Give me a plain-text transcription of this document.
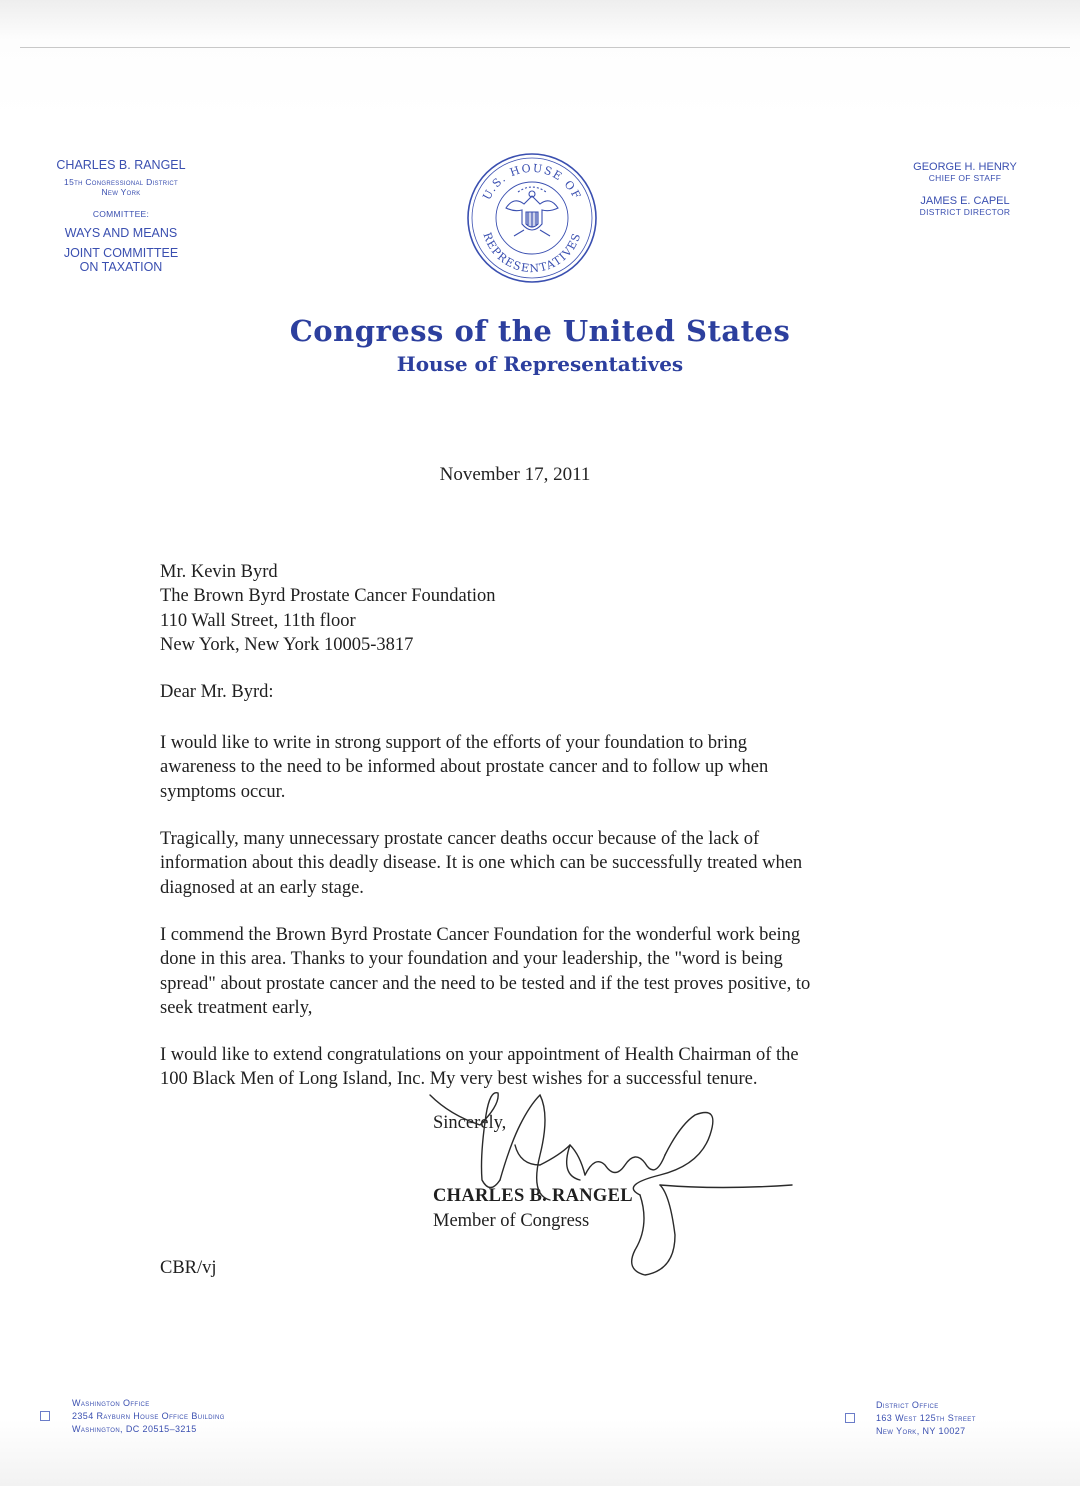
CHARLES B. RANGEL
15th Congressional District
New York
COMMITTEE:
WAYS AND MEANS
JOINT COMMITTEE
ON TAXATION
GEORGE H. HENRY
CHIEF OF STAFF
JAMES E. CAPEL
DISTRICT DIRECTOR
U.S. HOUSE OF
REPRESENTATIVES
Congress of the United States
House of Representatives
November 17, 2011
Mr. Kevin Byrd
The Brown Byrd Prostate Cancer Foundation
110 Wall Street, 11th floor
New York, New York 10005-3817
Dear Mr. Byrd:
I would like to write in strong support of the efforts of your foundation to bring
awareness to the need to be informed about prostate cancer and to follow up when
symptoms occur.
Tragically, many unnecessary prostate cancer deaths occur because of the lack of
information about this deadly disease. It is one which can be successfully treated when
diagnosed at an early stage.
I commend the Brown Byrd Prostate Cancer Foundation for the wonderful work being
done in this area. Thanks to your foundation and your leadership, the "word is being
spread" about prostate cancer and the need to be tested and if the test proves positive, to
seek treatment early,
I would like to extend congratulations on your appointment of Health Chairman of the
100 Black Men of Long Island, Inc. My very best wishes for a successful tenure.
Sincerely,
CHARLES B. RANGEL
Member of Congress
CBR/vj
Washington Office
2354 Rayburn House Office Building
Washington, DC 20515–3215
District Office
163 West 125th Street
New York, NY 10027
